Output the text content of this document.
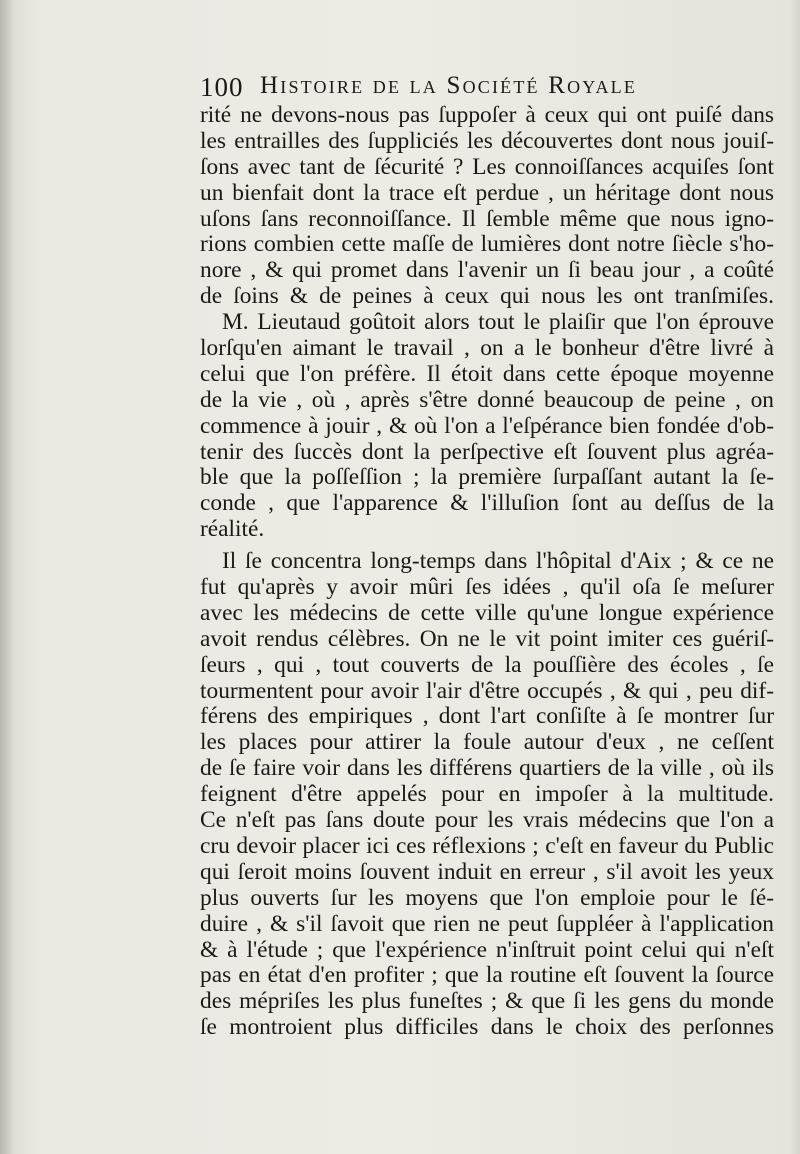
100 Histoire de la Société Royale
rité ne devons-nous pas ſuppoſer à ceux qui ont puiſé dans
les entrailles des ſuppliciés les découvertes dont nous jouiſ-
ſons avec tant de ſécurité ? Les connoiſſances acquiſes ſont
un bienfait dont la trace eſt perdue , un héritage dont nous
uſons ſans reconnoiſſance. Il ſemble même que nous igno-
rions combien cette maſſe de lumières dont notre ſiècle s'ho-
nore , & qui promet dans l'avenir un ſi beau jour , a coûté
de ſoins & de peines à ceux qui nous les ont tranſmiſes.
M. Lieutaud goûtoit alors tout le plaiſir que l'on éprouve
lorſqu'en aimant le travail , on a le bonheur d'être livré à
celui que l'on préfère. Il étoit dans cette époque moyenne
de la vie , où , après s'être donné beaucoup de peine , on
commence à jouir , & où l'on a l'eſpérance bien fondée d'ob-
tenir des ſuccès dont la perſpective eſt ſouvent plus agréa-
ble que la poſſeſſion ; la première ſurpaſſant autant la ſe-
conde , que l'apparence & l'illuſion ſont au deſſus de la
réalité.
Il ſe concentra long-temps dans l'hôpital d'Aix ; & ce ne
fut qu'après y avoir mûri ſes idées , qu'il oſa ſe meſurer
avec les médecins de cette ville qu'une longue expérience
avoit rendus célèbres. On ne le vit point imiter ces guériſ-
ſeurs , qui , tout couverts de la pouſſière des écoles , ſe
tourmentent pour avoir l'air d'être occupés , & qui , peu dif-
férens des empiriques , dont l'art conſiſte à ſe montrer ſur
les places pour attirer la foule autour d'eux , ne ceſſent
de ſe faire voir dans les différens quartiers de la ville , où ils
feignent d'être appelés pour en impoſer à la multitude.
Ce n'eſt pas ſans doute pour les vrais médecins que l'on a
cru devoir placer ici ces réflexions ; c'eſt en faveur du Public
qui ſeroit moins ſouvent induit en erreur , s'il avoit les yeux
plus ouverts ſur les moyens que l'on emploie pour le ſé-
duire , & s'il ſavoit que rien ne peut ſuppléer à l'application
& à l'étude ; que l'expérience n'inſtruit point celui qui n'eſt
pas en état d'en profiter ; que la routine eſt ſouvent la ſource
des mépriſes les plus funeſtes ; & que ſi les gens du monde
ſe montroient plus difficiles dans le choix des perſonnes
